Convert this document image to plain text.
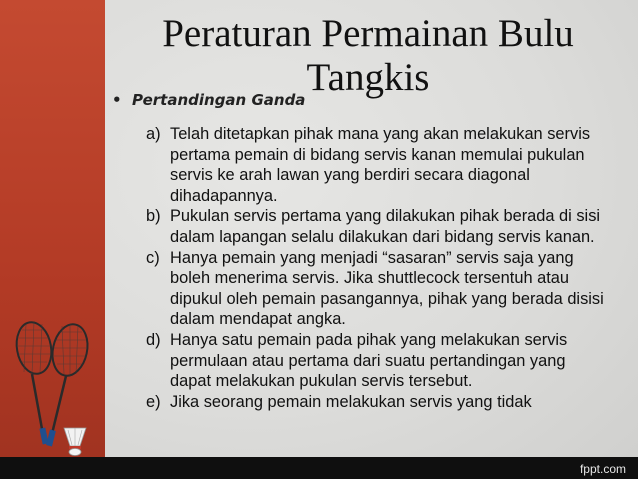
Peraturan Permainan Bulu Tangkis
• Pertandingan Ganda
a) Telah ditetapkan pihak mana yang akan melakukan servis pertama pemain di bidang servis kanan memulai pukulan servis ke arah lawan yang berdiri secara diagonal dihadapannya.
b) Pukulan servis pertama yang dilakukan pihak berada di sisi dalam lapangan selalu dilakukan dari bidang servis kanan.
c) Hanya pemain yang menjadi “sasaran” servis saja yang boleh menerima servis. Jika shuttlecock tersentuh atau dipukul oleh pemain pasangannya, pihak yang berada disisi dalam mendapat angka.
d) Hanya satu pemain pada pihak yang melakukan servis permulaan atau pertama dari suatu pertandingan yang dapat melakukan pukulan servis tersebut.
e) Jika seorang pemain melakukan servis yang tidak
fppt.com
